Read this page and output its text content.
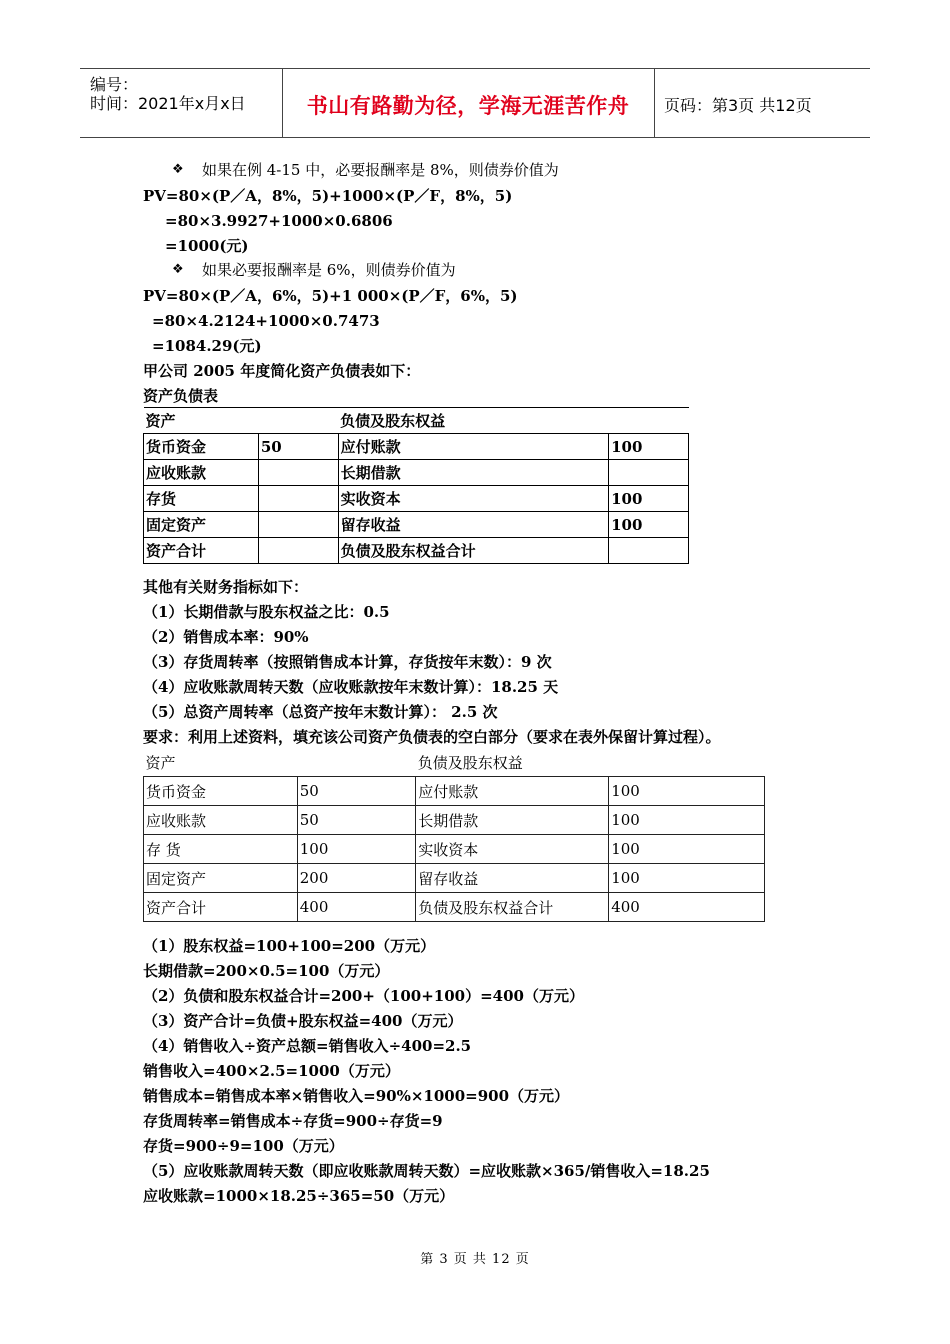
编号：
时间：2021年x月x日	书山有路勤为径，学海无涯苦作舟	页码：第3页 共12页
❖ 如果在例 4-15 中，必要报酬率是 8%，则债券价值为
PV=80×(P／A，8%，5)+1000×(P／F，8%，5)
=80×3.9927+1000×0.6806
=1000(元)
❖ 如果必要报酬率是 6%，则债券价值为
PV=80×(P／A，6%，5)+1 000×(P／F，6%，5)
=80×4.2124+1000×0.7473
=1084.29(元)
甲公司 2005 年度简化资产负债表如下：
资产负债表
资产		负债及股东权益	
货币资金	50	应付账款	100
应收账款		长期借款	
存货		实收资本	100
固定资产		留存收益	100
资产合计		负债及股东权益合计	
其他有关财务指标如下：
（1）长期借款与股东权益之比：0.5
（2）销售成本率：90%
（3）存货周转率（按照销售成本计算，存货按年末数）：9 次
（4）应收账款周转天数（应收账款按年末数计算）：18.25 天
（5）总资产周转率（总资产按年末数计算）： 2.5 次
要求：利用上述资料，填充该公司资产负债表的空白部分（要求在表外保留计算过程）。
资产		负债及股东权益	
货币资金	50	应付账款	100
应收账款	50	长期借款	100
存 货	100	实收资本	100
固定资产	200	留存收益	100
资产合计	400	负债及股东权益合计	400
（1）股东权益=100+100=200（万元）
长期借款=200×0.5=100（万元）
（2）负债和股东权益合计=200+（100+100）=400（万元）
（3）资产合计=负债+股东权益=400（万元）
（4）销售收入÷资产总额=销售收入÷400=2.5
销售收入=400×2.5=1000（万元）
销售成本=销售成本率×销售收入=90%×1000=900（万元）
存货周转率=销售成本÷存货=900÷存货=9
存货=900÷9=100（万元）
（5）应收账款周转天数（即应收账款周转天数）=应收账款×365/销售收入=18.25
应收账款=1000×18.25÷365=50（万元）
第 3 页 共 12 页
